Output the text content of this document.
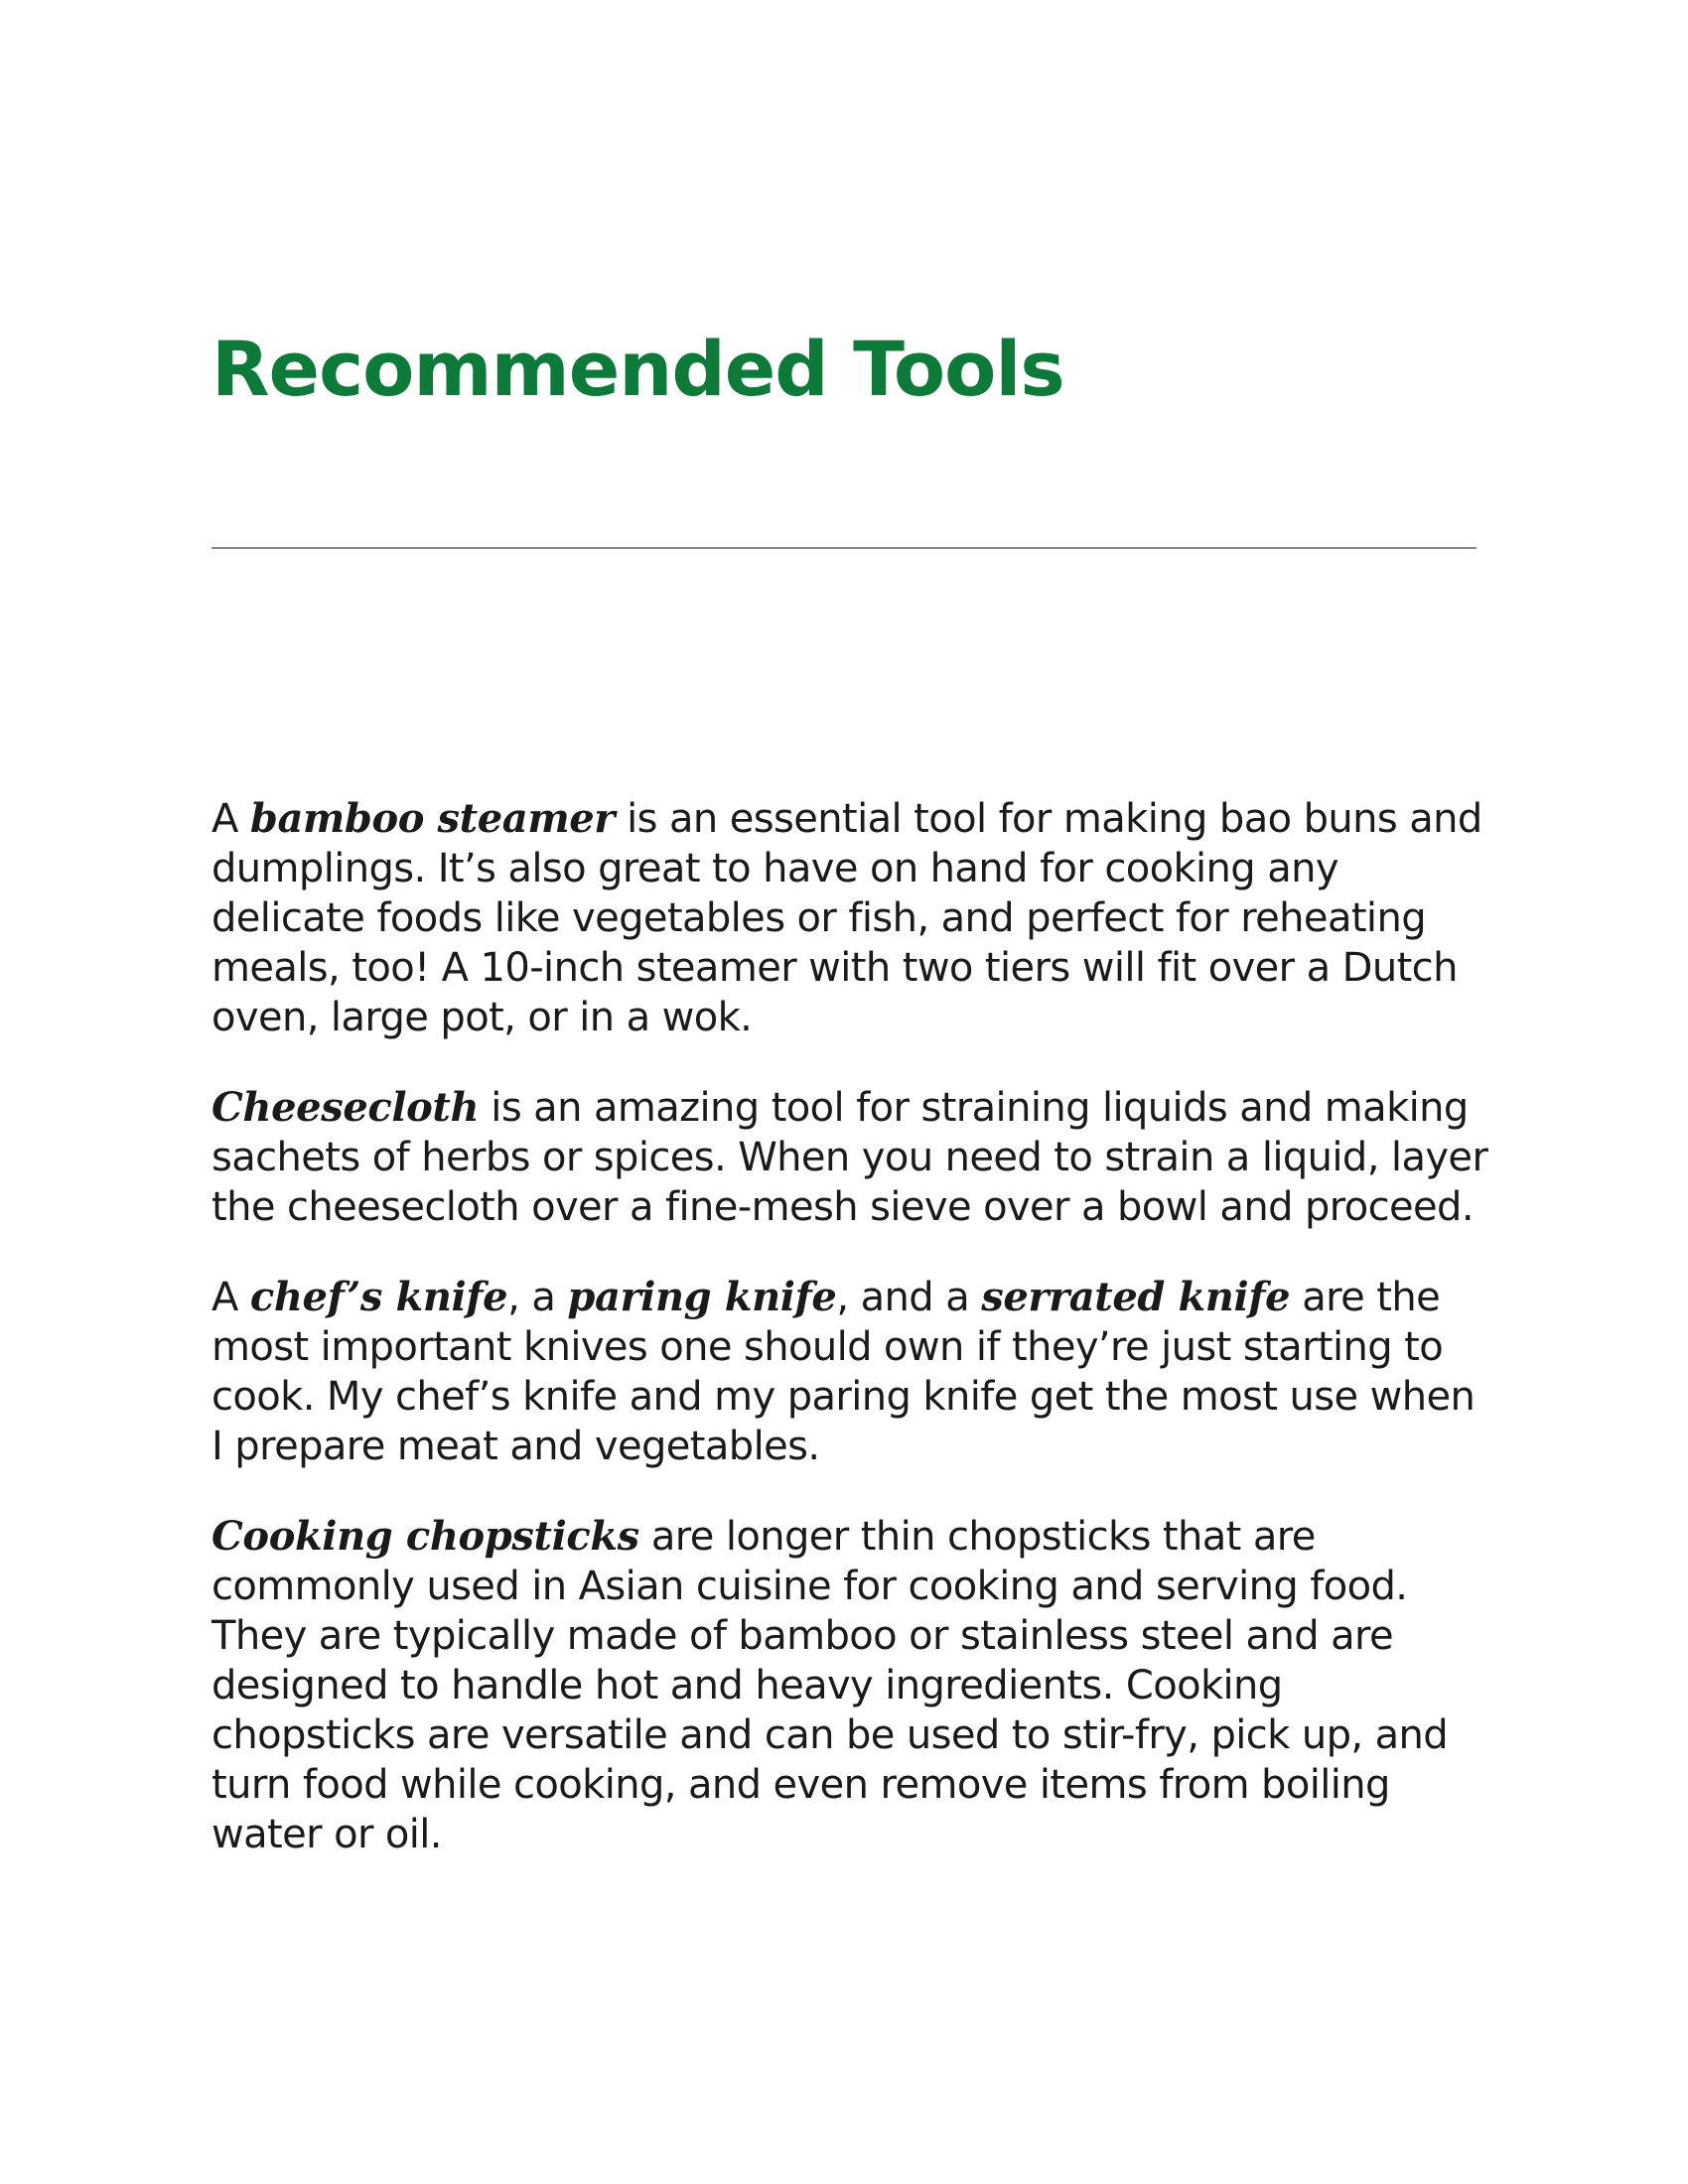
Recommended Tools

A bamboo steamer is an essential tool for making bao buns and dumplings. It’s also great to have on hand for cooking any delicate foods like vegetables or fish, and perfect for reheating meals, too! A 10-inch steamer with two tiers will fit over a Dutch oven, large pot, or in a wok.

Cheesecloth is an amazing tool for straining liquids and making sachets of herbs or spices. When you need to strain a liquid, layer the cheesecloth over a fine-mesh sieve over a bowl and proceed.

A chef’s knife, a paring knife, and a serrated knife are the most important knives one should own if they’re just starting to cook. My chef’s knife and my paring knife get the most use when I prepare meat and vegetables.

Cooking chopsticks are longer thin chopsticks that are commonly used in Asian cuisine for cooking and serving food. They are typically made of bamboo or stainless steel and are designed to handle hot and heavy ingredients. Cooking chopsticks are versatile and can be used to stir-fry, pick up, and turn food while cooking, and even remove items from boiling water or oil.
